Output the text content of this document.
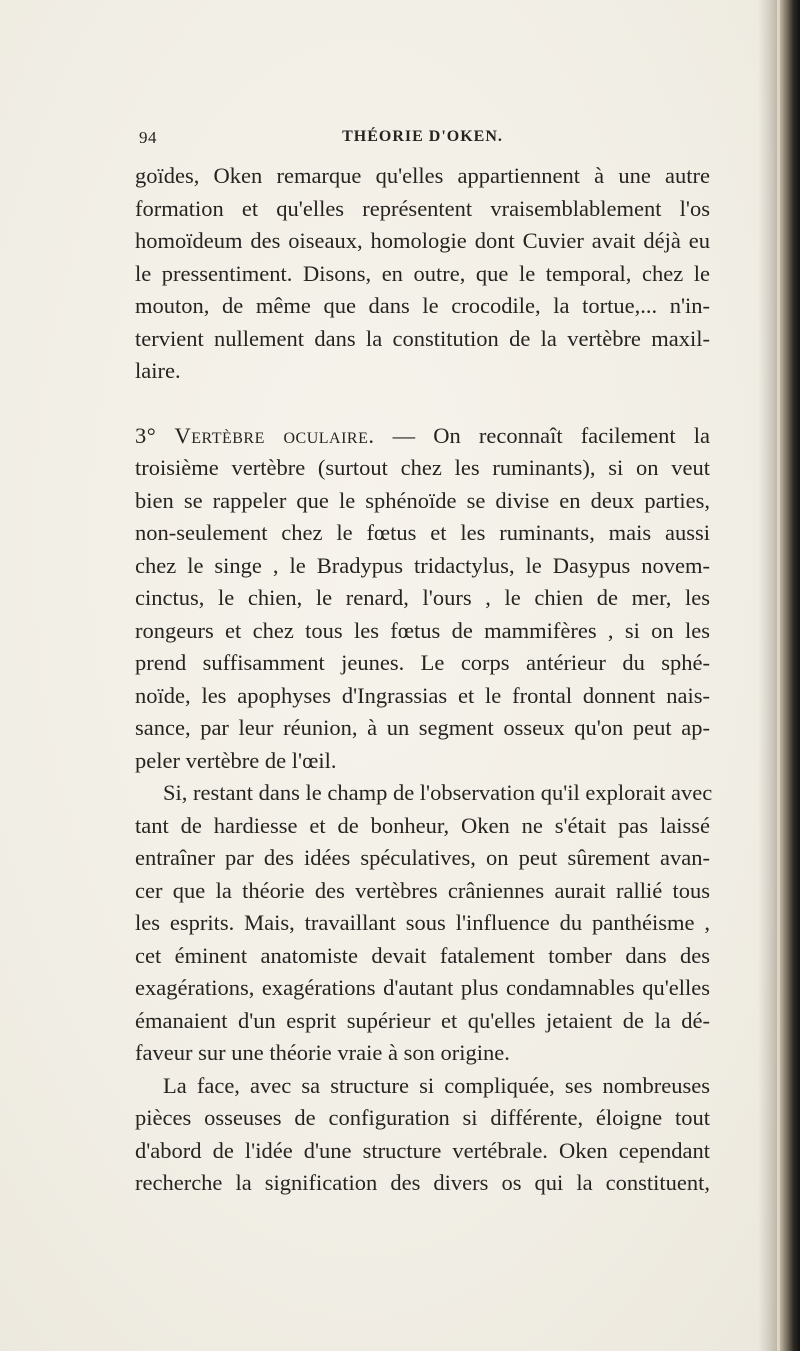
94	THÉORIE D'OKEN.
goïdes, Oken remarque qu'elles appartiennent à une autre
formation et qu'elles représentent vraisemblablement l'os
homoïdeum des oiseaux, homologie dont Cuvier avait déjà eu
le pressentiment. Disons, en outre, que le temporal, chez le
mouton, de même que dans le crocodile, la tortue,... n'in-
tervient nullement dans la constitution de la vertèbre maxil-
laire.
3° Vertèbre oculaire. — On reconnaît facilement la
troisième vertèbre (surtout chez les ruminants), si on veut
bien se rappeler que le sphénoïde se divise en deux parties,
non-seulement chez le fœtus et les ruminants, mais aussi
chez le singe , le Bradypus tridactylus, le Dasypus novem-
cinctus, le chien, le renard, l'ours , le chien de mer, les
rongeurs et chez tous les fœtus de mammifères , si on les
prend suffisamment jeunes. Le corps antérieur du sphé-
noïde, les apophyses d'Ingrassias et le frontal donnent nais-
sance, par leur réunion, à un segment osseux qu'on peut ap-
peler vertèbre de l'œil.
Si, restant dans le champ de l'observation qu'il explorait avec
tant de hardiesse et de bonheur, Oken ne s'était pas laissé
entraîner par des idées spéculatives, on peut sûrement avan-
cer que la théorie des vertèbres crâniennes aurait rallié tous
les esprits. Mais, travaillant sous l'influence du panthéisme ,
cet éminent anatomiste devait fatalement tomber dans des
exagérations, exagérations d'autant plus condamnables qu'elles
émanaient d'un esprit supérieur et qu'elles jetaient de la dé-
faveur sur une théorie vraie à son origine.
La face, avec sa structure si compliquée, ses nombreuses
pièces osseuses de configuration si différente, éloigne tout
d'abord de l'idée d'une structure vertébrale. Oken cependant
recherche la signification des divers os qui la constituent,
